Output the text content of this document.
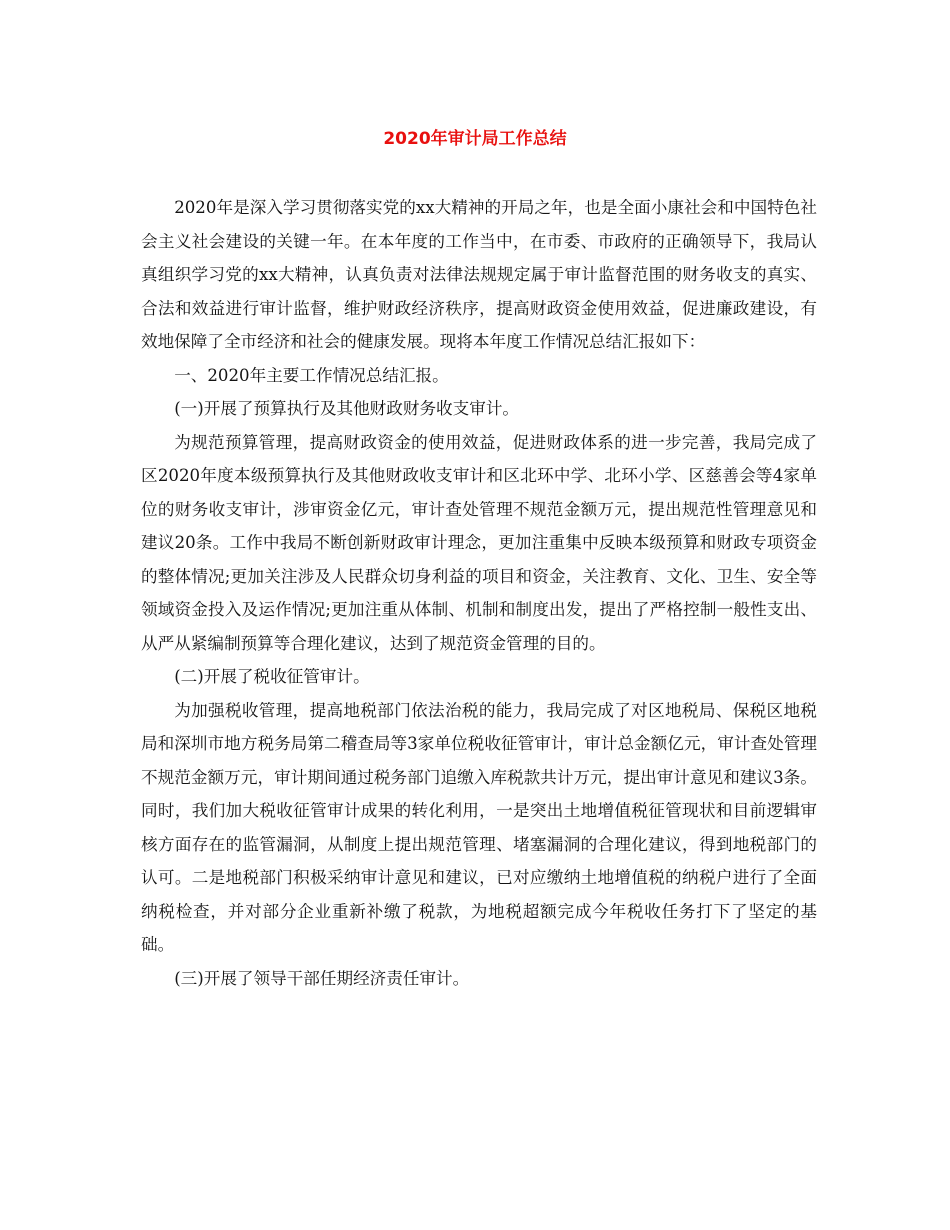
2020年审计局工作总结

2020年是深入学习贯彻落实党的xx大精神的开局之年，也是全面小康社会和中国特色社会主义社会建设的关键一年。在本年度的工作当中，在市委、市政府的正确领导下，我局认真组织学习党的xx大精神，认真负责对法律法规规定属于审计监督范围的财务收支的真实、合法和效益进行审计监督，维护财政经济秩序，提高财政资金使用效益，促进廉政建设，有效地保障了全市经济和社会的健康发展。现将本年度工作情况总结汇报如下：

一、2020年主要工作情况总结汇报。

(一)开展了预算执行及其他财政财务收支审计。

为规范预算管理，提高财政资金的使用效益，促进财政体系的进一步完善，我局完成了区2020年度本级预算执行及其他财政收支审计和区北环中学、北环小学、区慈善会等4家单位的财务收支审计，涉审资金亿元，审计查处管理不规范金额万元，提出规范性管理意见和建议20条。工作中我局不断创新财政审计理念，更加注重集中反映本级预算和财政专项资金的整体情况;更加关注涉及人民群众切身利益的项目和资金，关注教育、文化、卫生、安全等领域资金投入及运作情况;更加注重从体制、机制和制度出发，提出了严格控制一般性支出、从严从紧编制预算等合理化建议，达到了规范资金管理的目的。

(二)开展了税收征管审计。

为加强税收管理，提高地税部门依法治税的能力，我局完成了对区地税局、保税区地税局和深圳市地方税务局第二稽查局等3家单位税收征管审计，审计总金额亿元，审计查处管理不规范金额万元，审计期间通过税务部门追缴入库税款共计万元，提出审计意见和建议3条。同时，我们加大税收征管审计成果的转化利用，一是突出土地增值税征管现状和目前逻辑审核方面存在的监管漏洞，从制度上提出规范管理、堵塞漏洞的合理化建议，得到地税部门的认可。二是地税部门积极采纳审计意见和建议，已对应缴纳土地增值税的纳税户进行了全面纳税检查，并对部分企业重新补缴了税款，为地税超额完成今年税收任务打下了坚定的基础。

(三)开展了领导干部任期经济责任审计。
